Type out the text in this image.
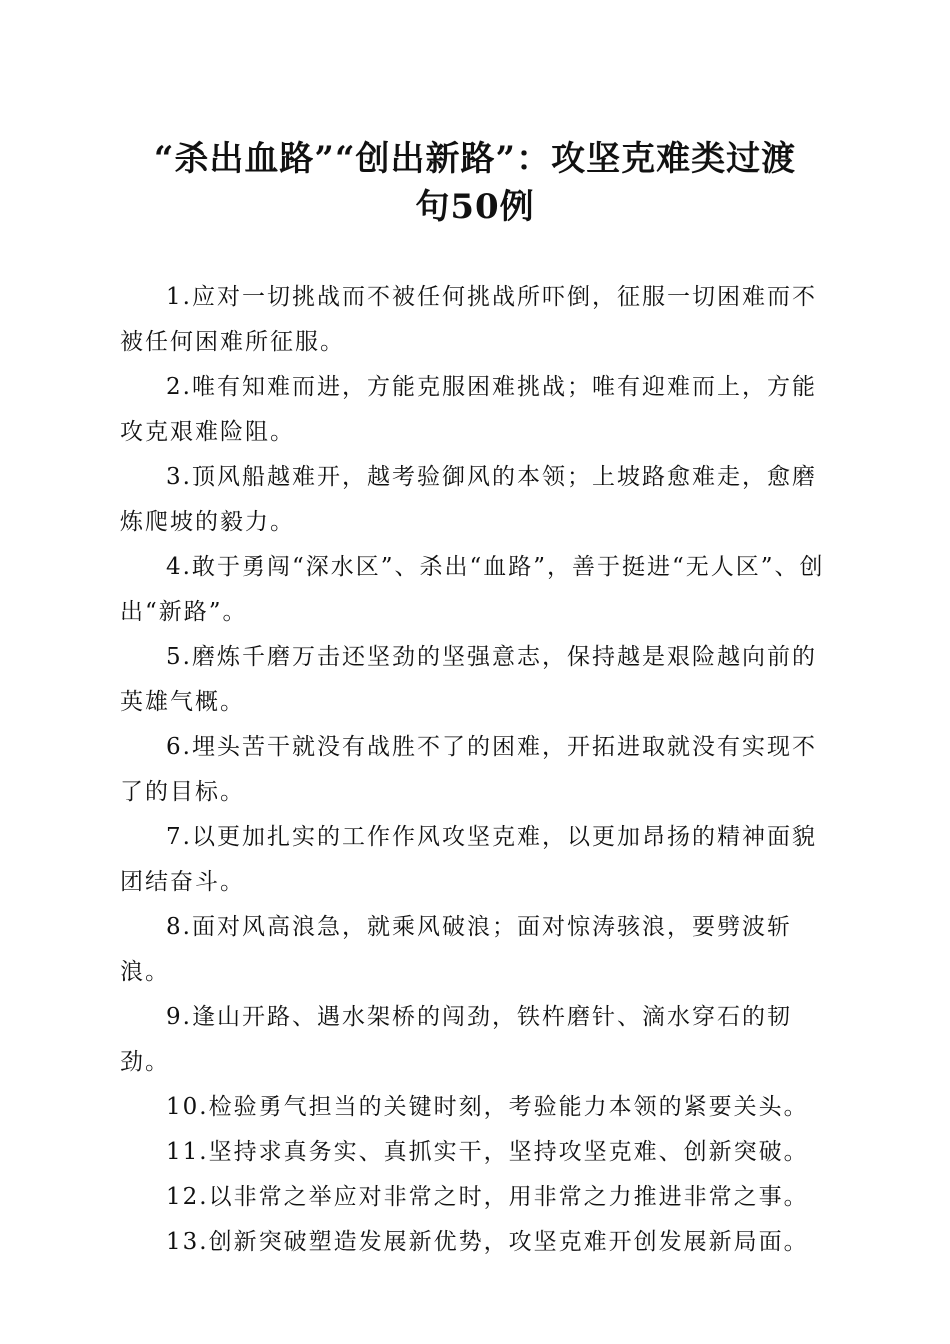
“杀出血路”“创出新路”：攻坚克难类过渡
句50例

1.应对一切挑战而不被任何挑战所吓倒，征服一切困难而不被任何困难所征服。

2.唯有知难而进，方能克服困难挑战；唯有迎难而上，方能攻克艰难险阻。

3.顶风船越难开，越考验御风的本领；上坡路愈难走，愈磨炼爬坡的毅力。

4.敢于勇闯“深水区”、杀出“血路”，善于挺进“无人区”、创出“新路”。

5.磨炼千磨万击还坚劲的坚强意志，保持越是艰险越向前的英雄气概。

6.埋头苦干就没有战胜不了的困难，开拓进取就没有实现不了的目标。

7.以更加扎实的工作作风攻坚克难，以更加昂扬的精神面貌团结奋斗。

8.面对风高浪急，就乘风破浪；面对惊涛骇浪，要劈波斩浪。

9.逢山开路、遇水架桥的闯劲，铁杵磨针、滴水穿石的韧劲。

10.检验勇气担当的关键时刻，考验能力本领的紧要关头。

11.坚持求真务实、真抓实干，坚持攻坚克难、创新突破。

12.以非常之举应对非常之时，用非常之力推进非常之事。

13.创新突破塑造发展新优势，攻坚克难开创发展新局面。
